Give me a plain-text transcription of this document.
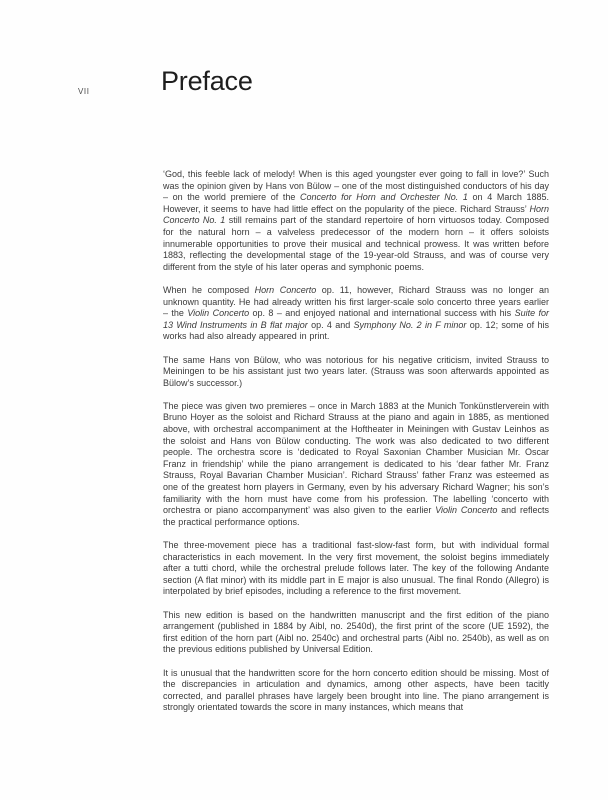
VII	Preface

‘God, this feeble lack of melody! When is this aged youngster ever going to fall in love?’ Such was the opinion given by Hans von Bülow – one of the most distinguished conductors of his day – on the world premiere of the Concerto for Horn and Orchester No. 1 on 4 March 1885. However, it seems to have had little effect on the popularity of the piece. Richard Strauss’ Horn Concerto No. 1 still remains part of the standard repertoire of horn virtuosos today. Composed for the natural horn – a valveless predecessor of the modern horn – it offers soloists innumerable opportunities to prove their musical and technical prowess. It was written before 1883, reflecting the developmental stage of the 19-year-old Strauss, and was of course very different from the style of his later operas and symphonic poems.

When he composed Horn Concerto op. 11, however, Richard Strauss was no longer an unknown quantity. He had already written his first larger-scale solo concerto three years earlier – the Violin Concerto op. 8 – and enjoyed national and international success with his Suite for 13 Wind Instruments in B flat major op. 4 and Symphony No. 2 in F minor op. 12; some of his works had also already appeared in print.

The same Hans von Bülow, who was notorious for his negative criticism, invited Strauss to Meiningen to be his assistant just two years later. (Strauss was soon afterwards appointed as Bülow’s successor.)

The piece was given two premieres – once in March 1883 at the Munich Tonkünstlerverein with Bruno Hoyer as the soloist and Richard Strauss at the piano and again in 1885, as mentioned above, with orchestral accompaniment at the Hoftheater in Meiningen with Gustav Leinhos as the soloist and Hans von Bülow conducting. The work was also dedicated to two different people. The orchestra score is ‘dedicated to Royal Saxonian Chamber Musician Mr. Oscar Franz in friendship’ while the piano arrangement is dedicated to his ‘dear father Mr. Franz Strauss, Royal Bavarian Chamber Musician’. Richard Strauss’ father Franz was esteemed as one of the greatest horn players in Germany, even by his adversary Richard Wagner; his son’s familiarity with the horn must have come from his profession. The labelling ‘concerto with orchestra or piano accompanyment’ was also given to the earlier Violin Concerto and reflects the practical performance options.

The three-movement piece has a traditional fast-slow-fast form, but with individual formal characteristics in each movement. In the very first movement, the soloist begins immediately after a tutti chord, while the orchestral prelude follows later. The key of the following Andante section (A flat minor) with its middle part in E major is also unusual. The final Rondo (Allegro) is interpolated by brief episodes, including a reference to the first movement.

This new edition is based on the handwritten manuscript and the first edition of the piano arrangement (published in 1884 by Aibl, no. 2540d), the first print of the score (UE 1592), the first edition of the horn part (Aibl no. 2540c) and orchestral parts (Aibl no. 2540b), as well as on the previous editions published by Universal Edition.

It is unusual that the handwritten score for the horn concerto edition should be missing. Most of the discrepancies in articulation and dynamics, among other aspects, have been tacitly corrected, and parallel phrases have largely been brought into line. The piano arrangement is strongly orientated towards the score in many instances, which means that
